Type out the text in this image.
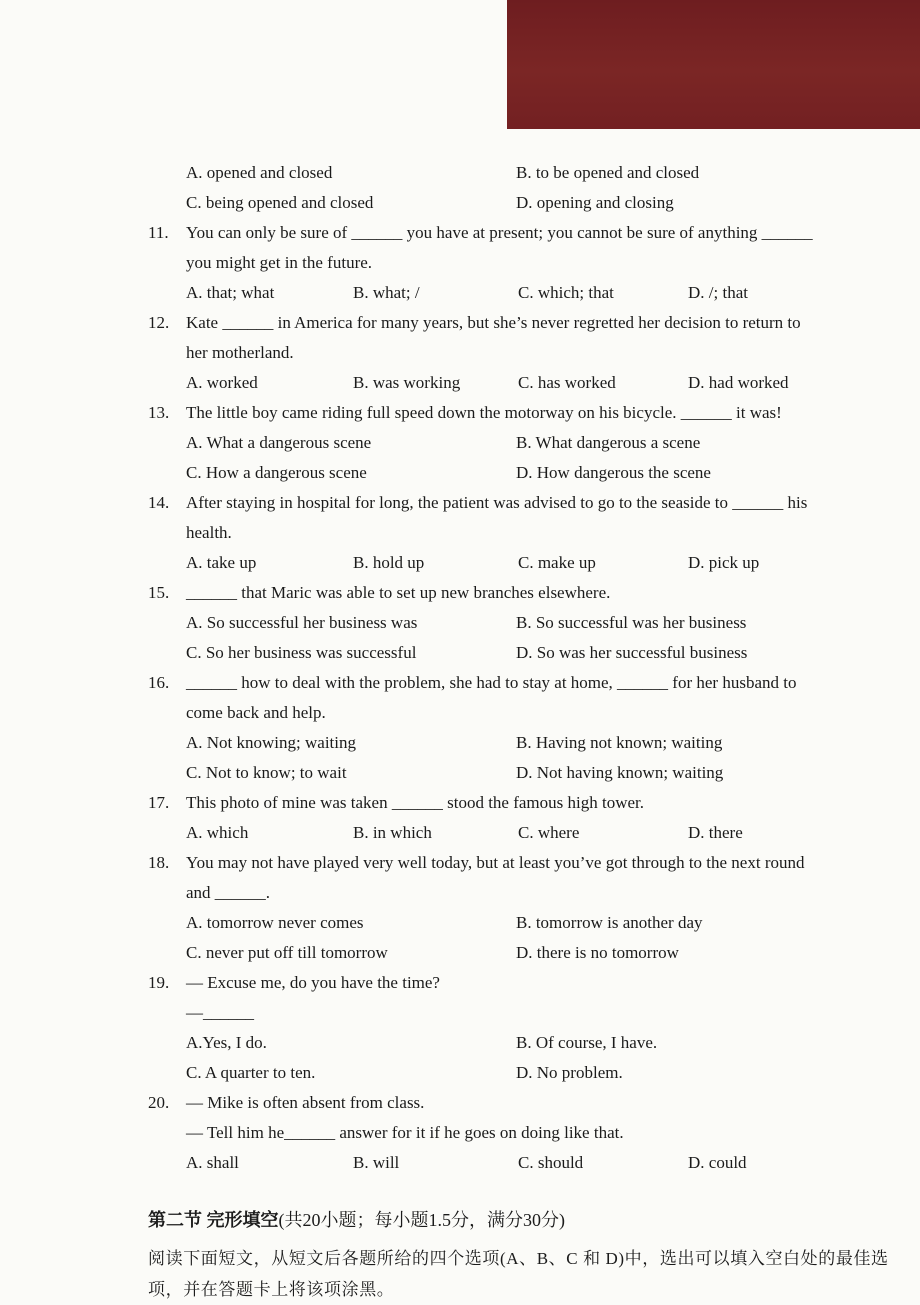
A. opened and closed	B. to be opened and closed
C. being opened and closed	D. opening and closing
11. You can only be sure of ______ you have at present; you cannot be sure of anything ______
you might get in the future.
A. that; what	B. what; /	C. which; that	D. /; that
12. Kate ______ in America for many years, but she’s never regretted her decision to return to
her motherland.
A. worked	B. was working	C. has worked	D. had worked
13. The little boy came riding full speed down the motorway on his bicycle. ______ it was!
A. What a dangerous scene	B. What dangerous a scene
C. How a dangerous scene	D. How dangerous the scene
14. After staying in hospital for long, the patient was advised to go to the seaside to ______ his
health.
A. take up	B. hold up	C. make up	D. pick up
15. ______ that Maric was able to set up new branches elsewhere.
A. So successful her business was	B. So successful was her business
C. So her business was successful	D. So was her successful business
16. ______ how to deal with the problem, she had to stay at home, ______ for her husband to
come back and help.
A. Not knowing; waiting	B. Having not known; waiting
C. Not to know; to wait	D. Not having known; waiting
17. This photo of mine was taken ______ stood the famous high tower.
A. which	B. in which	C. where	D. there
18. You may not have played very well today, but at least you’ve got through to the next round
and ______.
A. tomorrow never comes	B. tomorrow is another day
C. never put off till tomorrow	D. there is no tomorrow
19. — Excuse me, do you have the time?
—______
A.Yes, I do.	B. Of course, I have.
C. A quarter to ten.	D. No problem.
20. — Mike is often absent from class.
— Tell him he______ answer for it if he goes on doing like that.
A. shall	B. will	C. should	D. could
第二节 完形填空(共20小题；每小题1.5分，满分30分)
阅读下面短文，从短文后各题所给的四个选项(A、B、C 和 D)中，选出可以填入空白处的最佳选
项，并在答题卡上将该项涂黑。
